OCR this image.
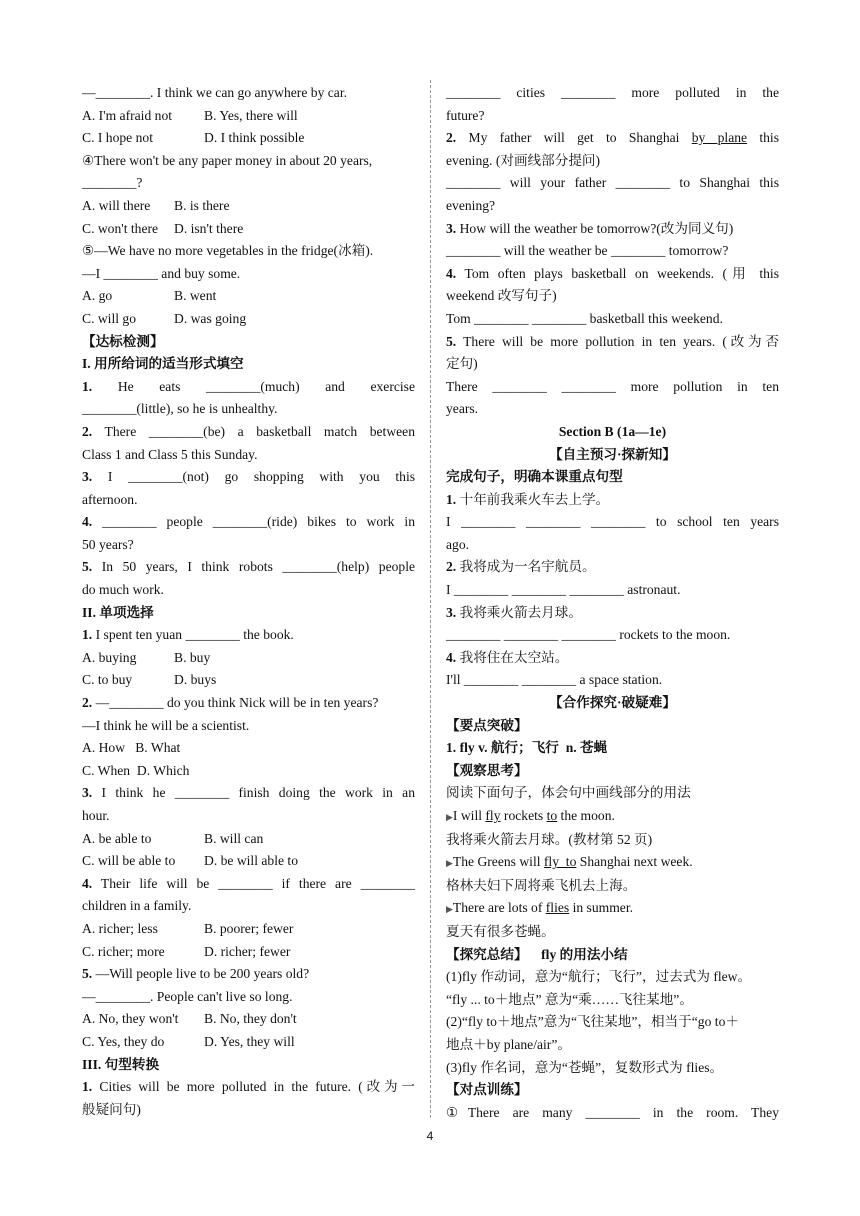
—________. I think we can go anywhere by car.
A. I'm afraid not B. Yes, there will
C. I hope not	D. I think possible
④There won't be any paper money in about 20 years,
________?
A. will there B. is there
C. won't there D. isn't there
⑤—We have no more vegetables in the fridge(冰箱).
—I ________ and buy some.
A. go	B. went
C. will go	D. was going
【达标检测】
I. 用所给词的适当形式填空
1. He eats ________(much) and exercise
________(little), so he is unhealthy.
2. There ________(be) a basketball match between
Class 1 and Class 5 this Sunday.
3. I ________(not) go shopping with you this
afternoon.
4. ________ people ________(ride) bikes to work in
50 years?
5. In 50 years, I think robots ________(help) people
do much work.
II. 单项选择
1. I spent ten yuan ________ the book.
A. buying	B. buy
C. to buy	D. buys
2. —________ do you think Nick will be in ten years?
—I think he will be a scientist.
A. How   B. What
C. When  D. Which
3. I think he ________ finish doing the work in an
hour.
A. be able to	B. will can
C. will be able to D. be will able to
4. Their life will be ________ if there are ________
children in a family.
A. richer; less	B. poorer; fewer
C. richer; more	D. richer; fewer
5. —Will people live to be 200 years old?
—________. People can't live so long.
A. No, they won't B. No, they don't
C. Yes, they do	D. Yes, they will
III. 句型转换
1. Cities will be more polluted in the future. (改为一
般疑问句)
________ cities ________ more polluted in the
future?
2. My father will get to Shanghai by plane this
evening. (对画线部分提问)
________ will your father ________ to Shanghai this
evening?
3. How will the weather be tomorrow?(改为同义句)
________ will the weather be ________ tomorrow?
4. Tom often plays basketball on weekends. (用 this
weekend 改写句子)
Tom ________ ________ basketball this weekend.
5. There will be more pollution in ten years. (改为否
定句)
There ________ ________ more pollution in ten
years.
Section B (1a—1e)
【自主预习·探新知】
完成句子，明确本课重点句型
1. 十年前我乘火车去上学。
I ________ ________ ________ to school ten years
ago.
2. 我将成为一名宇航员。
I ________ ________ ________ astronaut.
3. 我将乘火箭去月球。
________ ________ ________ rockets to the moon.
4. 我将住在太空站。
I'll ________ ________ a space station.
【合作探究·破疑难】
【要点突破】
1. fly v. 航行；飞行  n. 苍蝇
【观察思考】
阅读下面句子，体会句中画线部分的用法
▶I will fly rockets to the moon.
我将乘火箭去月球。(教材第 52 页)
▶The Greens will fly  to Shanghai next week.
格林夫妇下周将乘飞机去上海。
▶There are lots of flies in summer.
夏天有很多苍蝇。
【探究总结】    fly 的用法小结
(1)fly 作动词，意为“航行；飞行”，过去式为 flew。
“fly ... to＋地点” 意为“乘……飞往某地”。
(2)“fly to＋地点”意为“飞往某地”，相当于“go to＋
地点＋by plane/air”。
(3)fly 作名词，意为“苍蝇”，复数形式为 flies。
【对点训练】
①There are many ________ in the room. They
4
